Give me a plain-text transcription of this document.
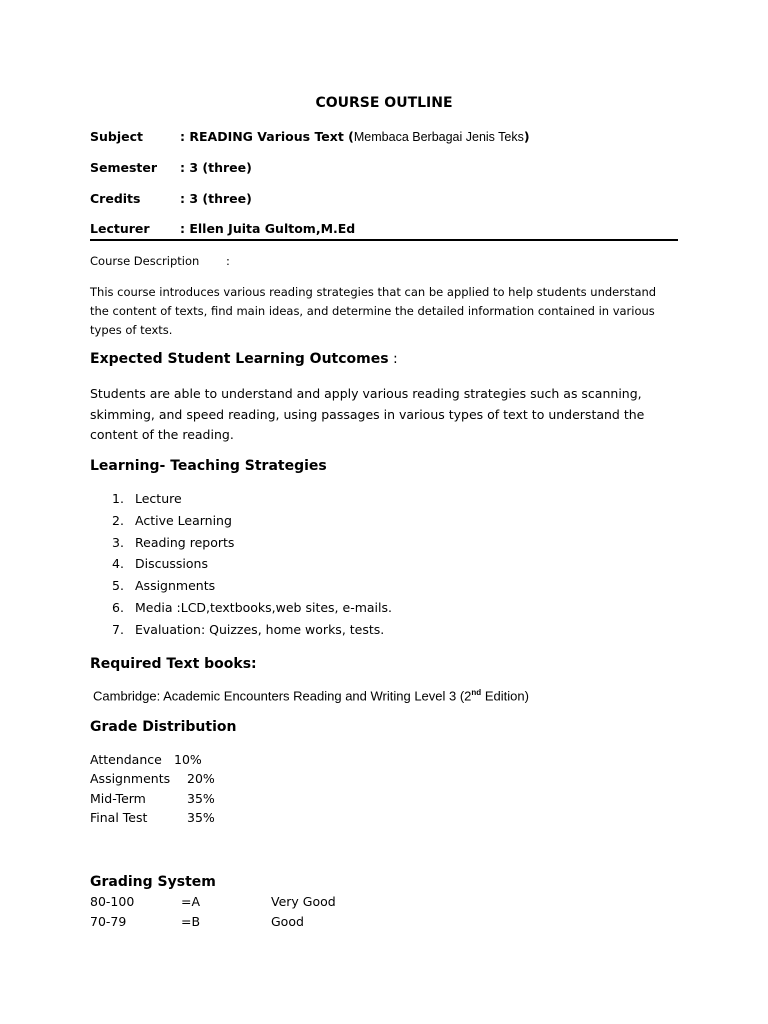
COURSE OUTLINE
Subject	: READING Various Text (Membaca Berbagai Jenis Teks)
Semester : 3 (three)
Credits	: 3 (three)
Lecturer : Ellen Juita Gultom,M.Ed
Course Description :
This course introduces various reading strategies that can be applied to help students understand the content of texts, find main ideas, and determine the detailed information contained in various types of texts.
Expected Student Learning Outcomes :
Students are able to understand and apply various reading strategies such as scanning, skimming, and speed reading, using passages in various types of text to understand the content of the reading.
Learning- Teaching Strategies
1. Lecture
2. Active Learning
3. Reading reports
4. Discussions
5. Assignments
6. Media :LCD,textbooks,web sites, e-mails.
7. Evaluation: Quizzes, home works, tests.
Required Text books:
Cambridge: Academic Encounters Reading and Writing Level 3 (2nd Edition)
Grade Distribution
Attendance 10%
Assignments 20%
Mid-Term	35%
Final Test	35%
Grading System
80-100	=A	Very Good
70-79	=B	Good
